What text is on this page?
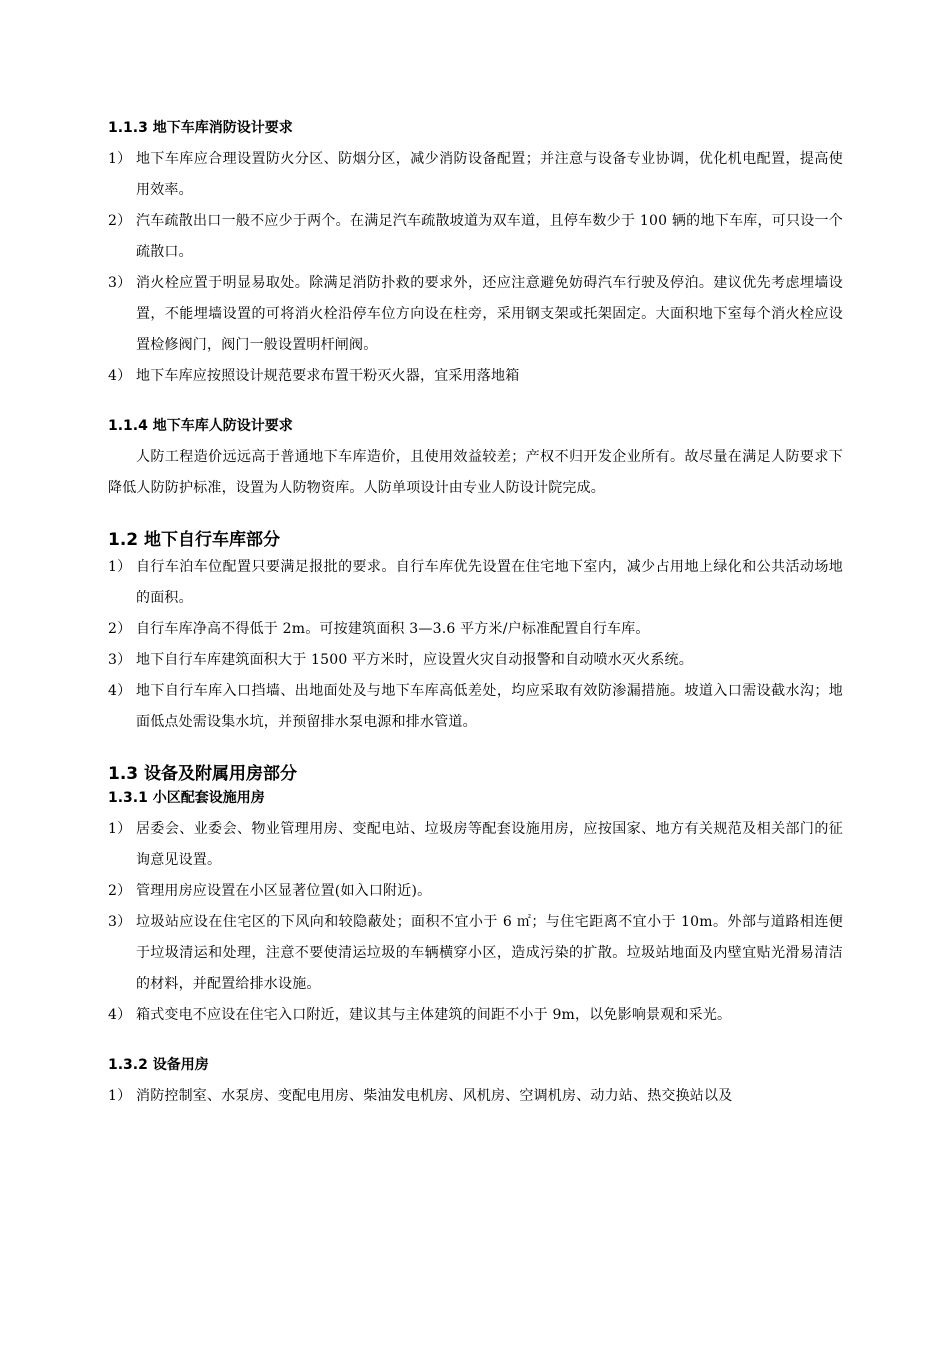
1.1.3 地下车库消防设计要求

1） 地下车库应合理设置防火分区、防烟分区，减少消防设备配置；并注意与设备专业协调，优化机电配置，提高使用效率。
2） 汽车疏散出口一般不应少于两个。在满足汽车疏散坡道为双车道，且停车数少于 100 辆的地下车库，可只设一个疏散口。
3） 消火栓应置于明显易取处。除满足消防扑救的要求外，还应注意避免妨碍汽车行驶及停泊。建议优先考虑埋墙设置，不能埋墙设置的可将消火栓沿停车位方向设在柱旁，采用钢支架或托架固定。大面积地下室每个消火栓应设置检修阀门，阀门一般设置明杆闸阀。
4） 地下车库应按照设计规范要求布置干粉灭火器，宜采用落地箱

1.1.4 地下车库人防设计要求

人防工程造价远远高于普通地下车库造价，且使用效益较差；产权不归开发企业所有。故尽量在满足人防要求下降低人防防护标准，设置为人防物资库。人防单项设计由专业人防设计院完成。

1.2 地下自行车库部分

1） 自行车泊车位配置只要满足报批的要求。自行车库优先设置在住宅地下室内，减少占用地上绿化和公共活动场地的面积。
2） 自行车库净高不得低于 2m。可按建筑面积 3—3.6 平方米/户标准配置自行车库。
3） 地下自行车库建筑面积大于 1500 平方米时，应设置火灾自动报警和自动喷水灭火系统。
4） 地下自行车库入口挡墙、出地面处及与地下车库高低差处，均应采取有效防渗漏措施。坡道入口需设截水沟；地面低点处需设集水坑，并预留排水泵电源和排水管道。

1.3 设备及附属用房部分

1.3.1 小区配套设施用房

1） 居委会、业委会、物业管理用房、变配电站、垃圾房等配套设施用房，应按国家、地方有关规范及相关部门的征询意见设置。
2） 管理用房应设置在小区显著位置(如入口附近)。
3） 垃圾站应设在住宅区的下风向和较隐蔽处；面积不宜小于 6 ㎡；与住宅距离不宜小于 10m。外部与道路相连便于垃圾清运和处理，注意不要使清运垃圾的车辆横穿小区，造成污染的扩散。垃圾站地面及内壁宜贴光滑易清洁的材料，并配置给排水设施。
4） 箱式变电不应设在住宅入口附近，建议其与主体建筑的间距不小于 9m，以免影响景观和采光。

1.3.2 设备用房

1） 消防控制室、水泵房、变配电用房、柴油发电机房、风机房、空调机房、动力站、热交换站以及
